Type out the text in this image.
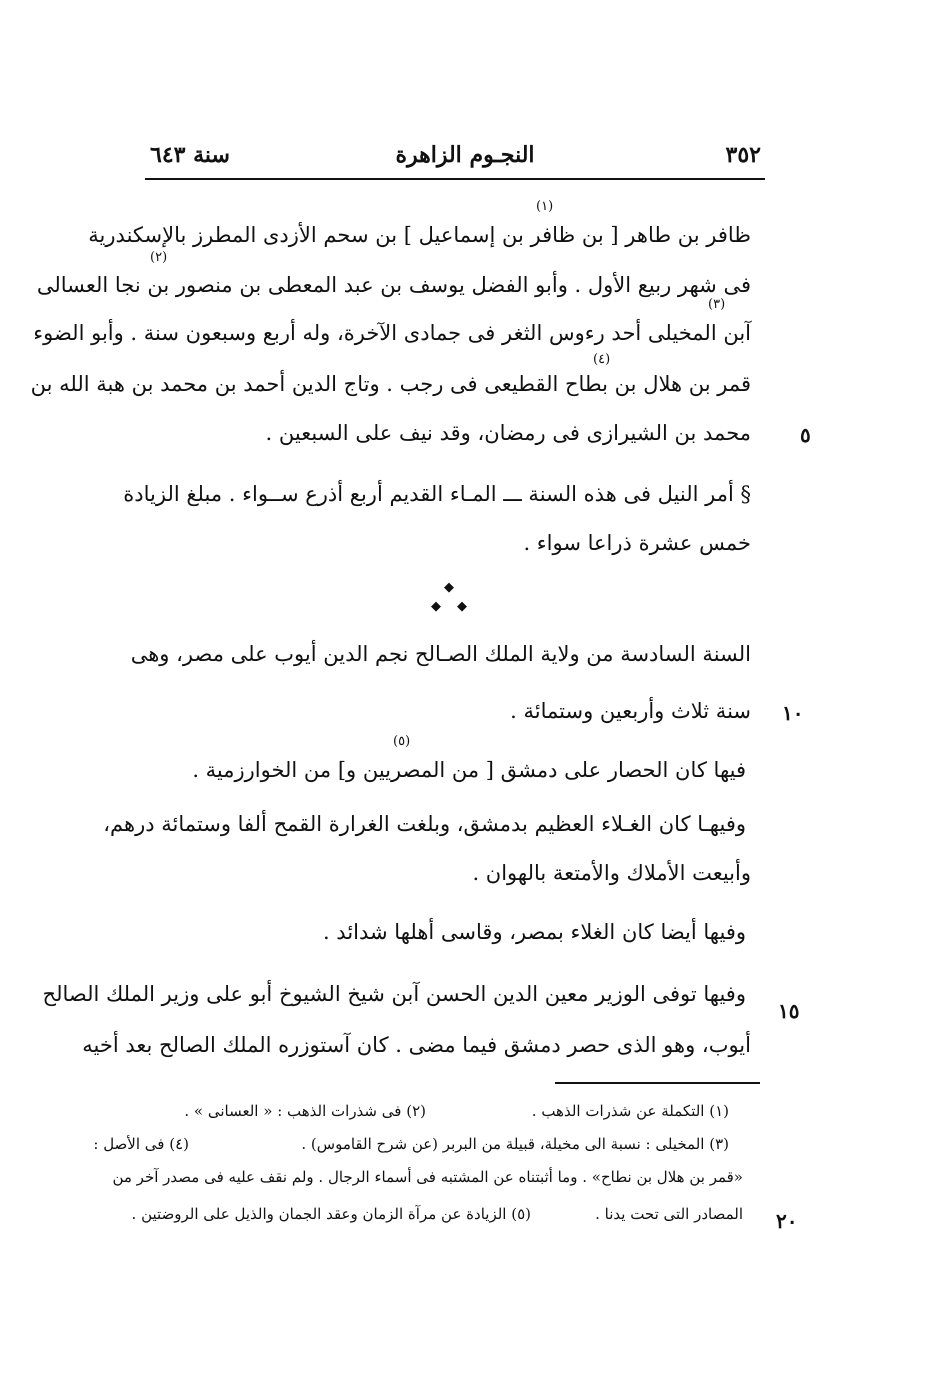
سنة ٦٤٣	النجـوم الزاهرة	٣٥٢
(١)
(٢)
(٣)
(٤)
(٥)
ظافر بن طاهر [ بن ظافر بن إسماعيل ] بن سحم الأزدى المطرز بالإسكندرية
فى شهر ربيع الأول . وأبو الفضل يوسف بن عبد المعطى بن منصور بن نجا العسالى
آبن المخيلى أحد رءوس الثغر فى جمادى الآخرة، وله أربع وسبعون سنة . وأبو الضوء
قمر بن هلال بن بطاح القطيعى فى رجب . وتاج الدين أحمد بن محمد بن هبة الله بن
محمد بن الشيرازى فى رمضان، وقد نيف على السبعين .
§ أمر النيل فى هذه السنة ـــ المـاء القديم أربع أذرع ســواء . مبلغ الزيادة
خمس عشرة ذراعا سواء .
◆
◆ ◆
السنة السادسة من ولاية الملك الصـالح نجم الدين أيوب على مصر، وهى
سنة ثلاث وأربعين وستمائة .
فيها كان الحصار على دمشق [ من المصريين و] من الخوارزمية .
وفيهـا كان الغـلاء العظيم بدمشق، وبلغت الغرارة القمح ألفا وستمائة درهم،
وأبيعت الأملاك والأمتعة بالهوان .
وفيها أيضا كان الغلاء بمصر، وقاسى أهلها شدائد .
وفيها توفى الوزير معين الدين الحسن آبن شيخ الشيوخ أبو على وزير الملك الصالح
أيوب، وهو الذى حصر دمشق فيما مضى . كان آستوزره الملك الصالح بعد أخيه
٥
١٠
١٥
٢٠
(١) التكملة عن شذرات الذهب .
(٢) فى شذرات الذهب : « العسانى » .
(٣) المخيلى : نسبة الى مخيلة، قبيلة من البربر (عن شرح القاموس) .
(٤) فى الأصل :
«قمر بن هلال بن نطاح» . وما أثبتناه عن المشتبه فى أسماء الرجال . ولم نقف عليه فى مصدر آخر من
المصادر التى تحت يدنا .
(٥) الزيادة عن مرآة الزمان وعقد الجمان والذيل على الروضتين .
